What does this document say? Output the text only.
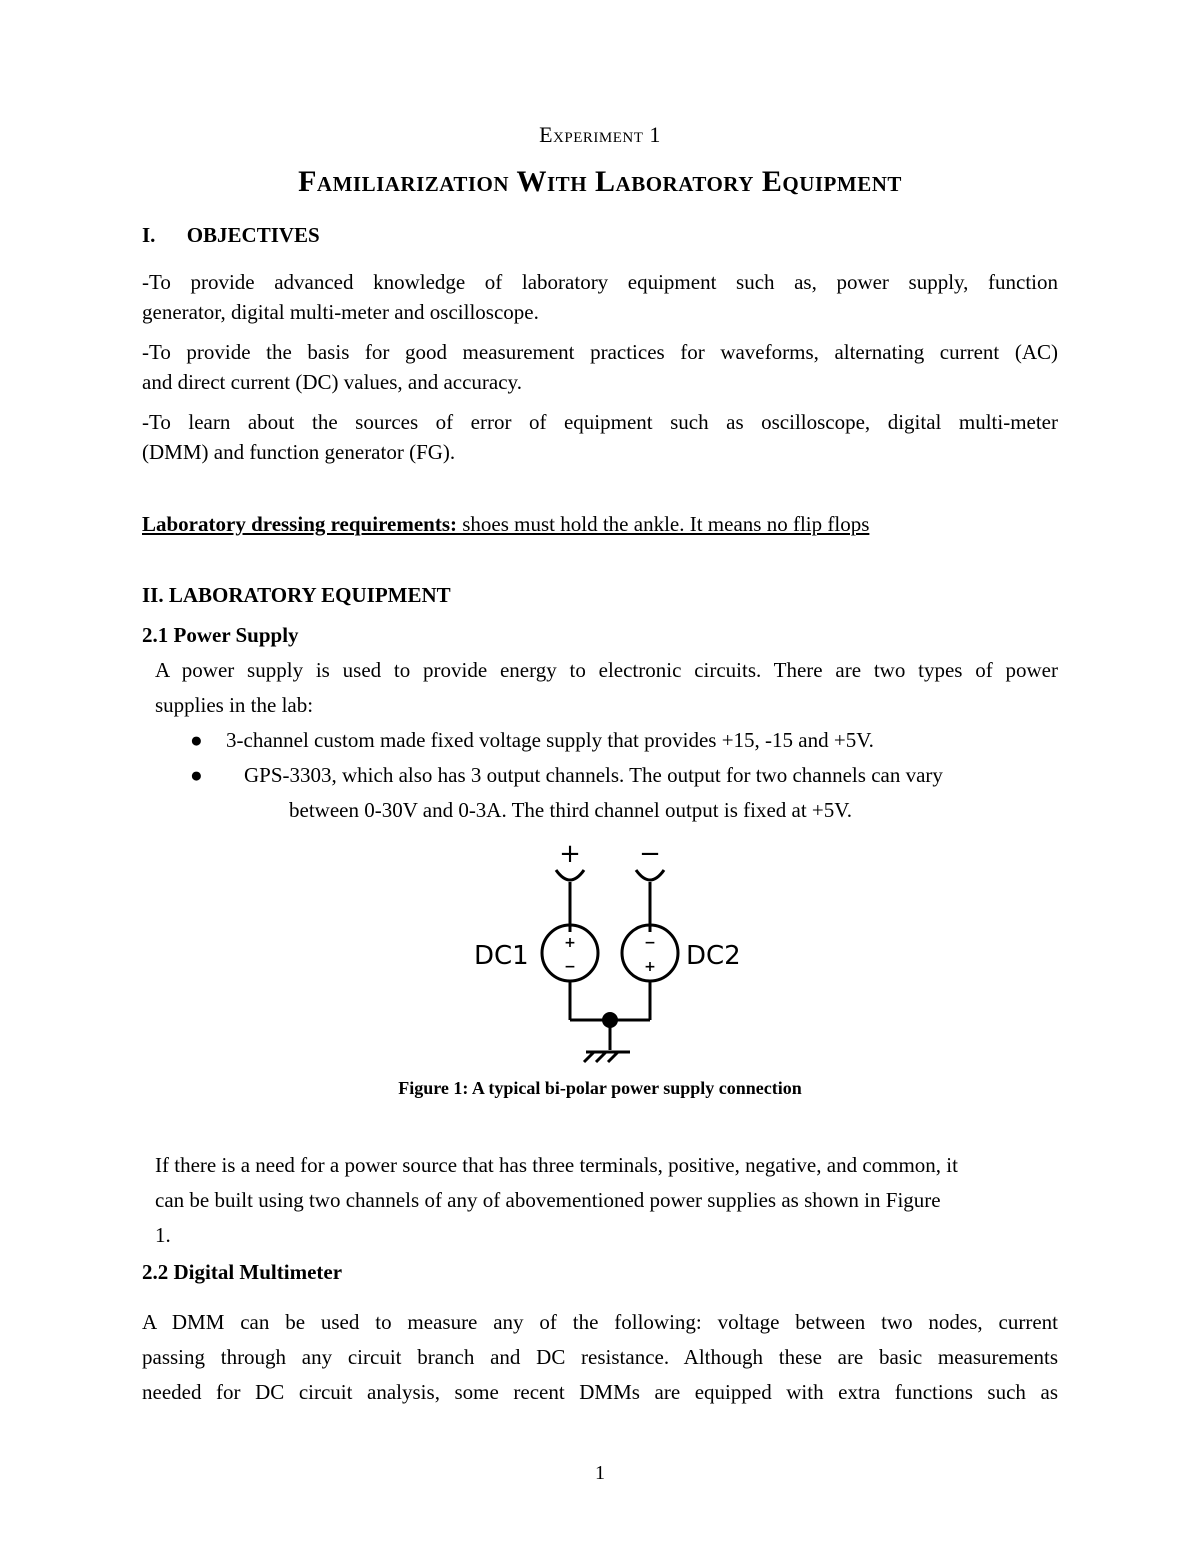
Experiment 1
Familiarization With Laboratory Equipment
I. OBJECTIVES
-To provide advanced knowledge of laboratory equipment such as, power supply, function
generator, digital multi-meter and oscilloscope.
-To provide the basis for good measurement practices for waveforms, alternating current (AC)
and direct current (DC) values, and accuracy.
-To learn about the sources of error of equipment such as oscilloscope, digital multi-meter
(DMM) and function generator (FG).
Laboratory dressing requirements: shoes must hold the ankle. It means no flip flops
II. LABORATORY EQUIPMENT
2.1 Power Supply
A power supply is used to provide energy to electronic circuits. There are two types of power
supplies in the lab:
● 3-channel custom made fixed voltage supply that provides +15, -15 and +5V.
● GPS-3303, which also has 3 output channels. The output for two channels can vary
between 0-30V and 0-3A. The third channel output is fixed at +5V.
+
−
−
+
+ −
DC1	DC2
Figure 1: A typical bi-polar power supply connection
If there is a need for a power source that has three terminals, positive, negative, and common, it
can be built using two channels of any of abovementioned power supplies as shown in Figure
1.
2.2 Digital Multimeter
A DMM can be used to measure any of the following: voltage between two nodes, current
passing through any circuit branch and DC resistance. Although these are basic measurements
needed for DC circuit analysis, some recent DMMs are equipped with extra functions such as
1
